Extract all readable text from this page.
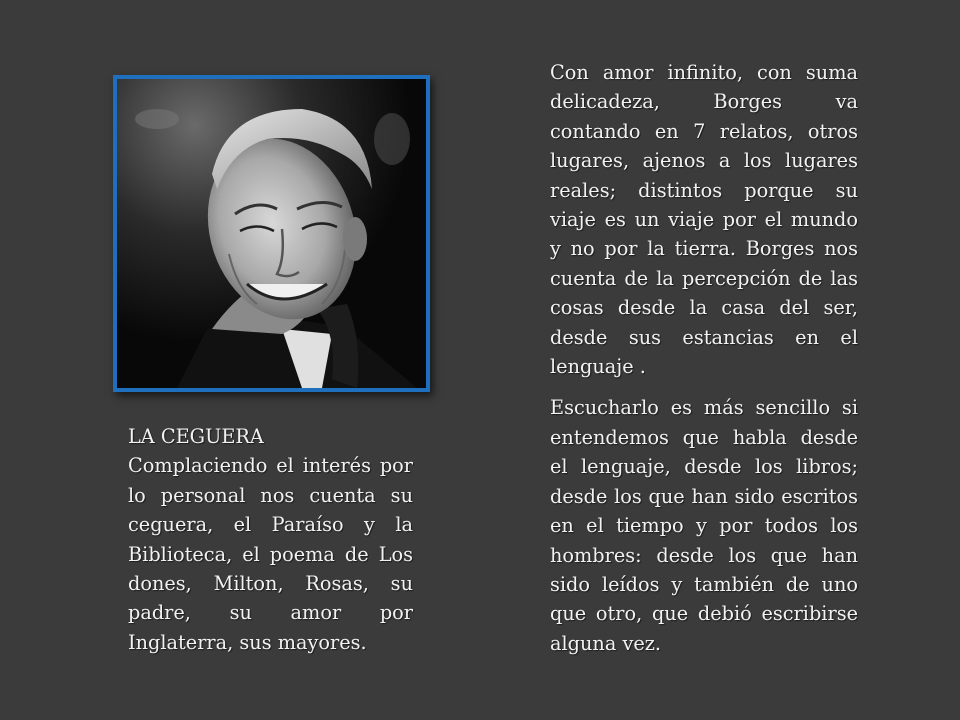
Con amor infinito, con suma delicadeza, Borges va contando en 7 relatos, otros lugares, ajenos a los lugares reales; distintos porque su viaje es un viaje por el mundo y no por la tierra. Borges nos cuenta de la percepción de las cosas desde la casa del ser, desde sus estancias en el lenguaje .

Escucharlo es más sencillo si entendemos que habla desde el lenguaje, desde los libros; desde los que han sido escritos en el tiempo y por todos los hombres: desde los que han sido leídos y también de uno que otro, que debió escribirse alguna vez.

LA CEGUERA
Complaciendo el interés por lo personal nos cuenta su ceguera, el Paraíso y la Biblioteca, el poema de Los dones, Milton, Rosas, su padre, su amor por Inglaterra, sus mayores.
